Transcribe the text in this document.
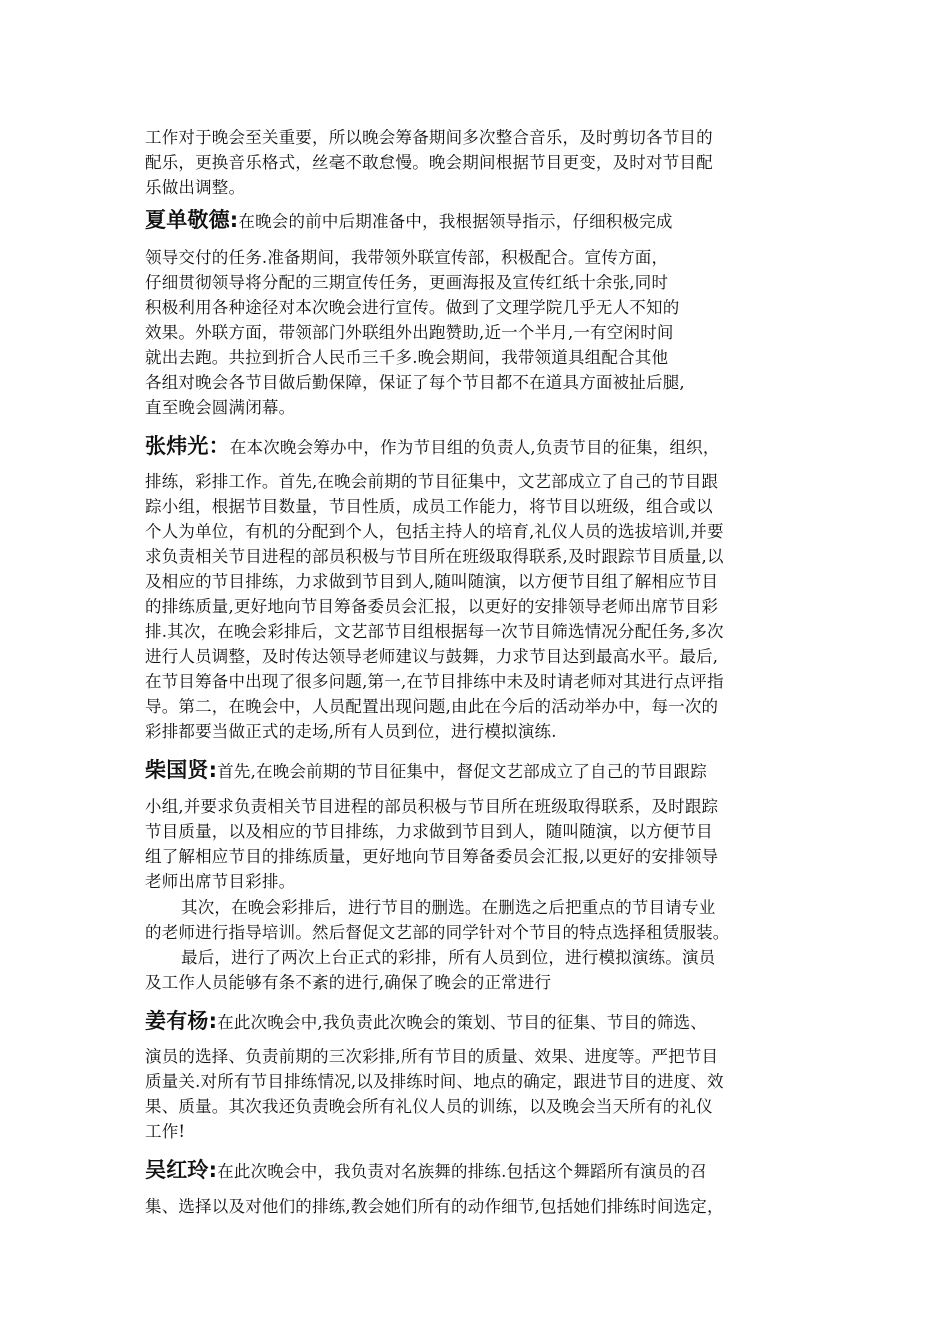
工作对于晚会至关重要，所以晚会筹备期间多次整合音乐，及时剪切各节目的
配乐，更换音乐格式，丝毫不敢怠慢。晚会期间根据节目更变，及时对节目配
乐做出调整。
夏单敬德:在晚会的前中后期准备中，我根据领导指示，仔细积极完成
领导交付的任务.准备期间，我带领外联宣传部，积极配合。宣传方面，
仔细贯彻领导将分配的三期宣传任务，更画海报及宣传红纸十余张,同时
积极利用各种途径对本次晚会进行宣传。做到了文理学院几乎无人不知的
效果。外联方面，带领部门外联组外出跑赞助,近一个半月,一有空闲时间
就出去跑。共拉到折合人民币三千多.晚会期间，我带领道具组配合其他
各组对晚会各节目做后勤保障，保证了每个节目都不在道具方面被扯后腿,
直至晚会圆满闭幕。
张炜光：在本次晚会筹办中，作为节目组的负责人,负责节目的征集，组织，
排练，彩排工作。首先,在晚会前期的节目征集中，文艺部成立了自己的节目跟
踪小组，根据节目数量，节目性质，成员工作能力，将节目以班级，组合或以
个人为单位，有机的分配到个人，包括主持人的培育,礼仪人员的选拔培训,并要
求负责相关节目进程的部员积极与节目所在班级取得联系,及时跟踪节目质量,以
及相应的节目排练，力求做到节目到人,随叫随演，以方便节目组了解相应节目
的排练质量,更好地向节目筹备委员会汇报，以更好的安排领导老师出席节目彩
排.其次，在晚会彩排后，文艺部节目组根据每一次节目筛选情况分配任务,多次
进行人员调整，及时传达领导老师建议与鼓舞，力求节目达到最高水平。最后,
在节目筹备中出现了很多问题,第一,在节目排练中未及时请老师对其进行点评指
导。第二，在晚会中，人员配置出现问题,由此在今后的活动举办中，每一次的
彩排都要当做正式的走场,所有人员到位，进行模拟演练.
柴国贤:首先,在晚会前期的节目征集中，督促文艺部成立了自己的节目跟踪
小组,并要求负责相关节目进程的部员积极与节目所在班级取得联系，及时跟踪
节目质量，以及相应的节目排练，力求做到节目到人，随叫随演，以方便节目
组了解相应节目的排练质量，更好地向节目筹备委员会汇报,以更好的安排领导
老师出席节目彩排。
其次，在晚会彩排后，进行节目的删选。在删选之后把重点的节目请专业
的老师进行指导培训。然后督促文艺部的同学针对个节目的特点选择租赁服装。
最后，进行了两次上台正式的彩排，所有人员到位，进行模拟演练。演员
及工作人员能够有条不紊的进行,确保了晚会的正常进行
姜有杨:在此次晚会中,我负责此次晚会的策划、节目的征集、节目的筛选、
演员的选择、负责前期的三次彩排,所有节目的质量、效果、进度等。严把节目
质量关.对所有节目排练情况,以及排练时间、地点的确定，跟进节目的进度、效
果、质量。其次我还负责晚会所有礼仪人员的训练，以及晚会当天所有的礼仪
工作!
吴红玲:在此次晚会中，我负责对名族舞的排练.包括这个舞蹈所有演员的召
集、选择以及对他们的排练,教会她们所有的动作细节,包括她们排练时间选定，
